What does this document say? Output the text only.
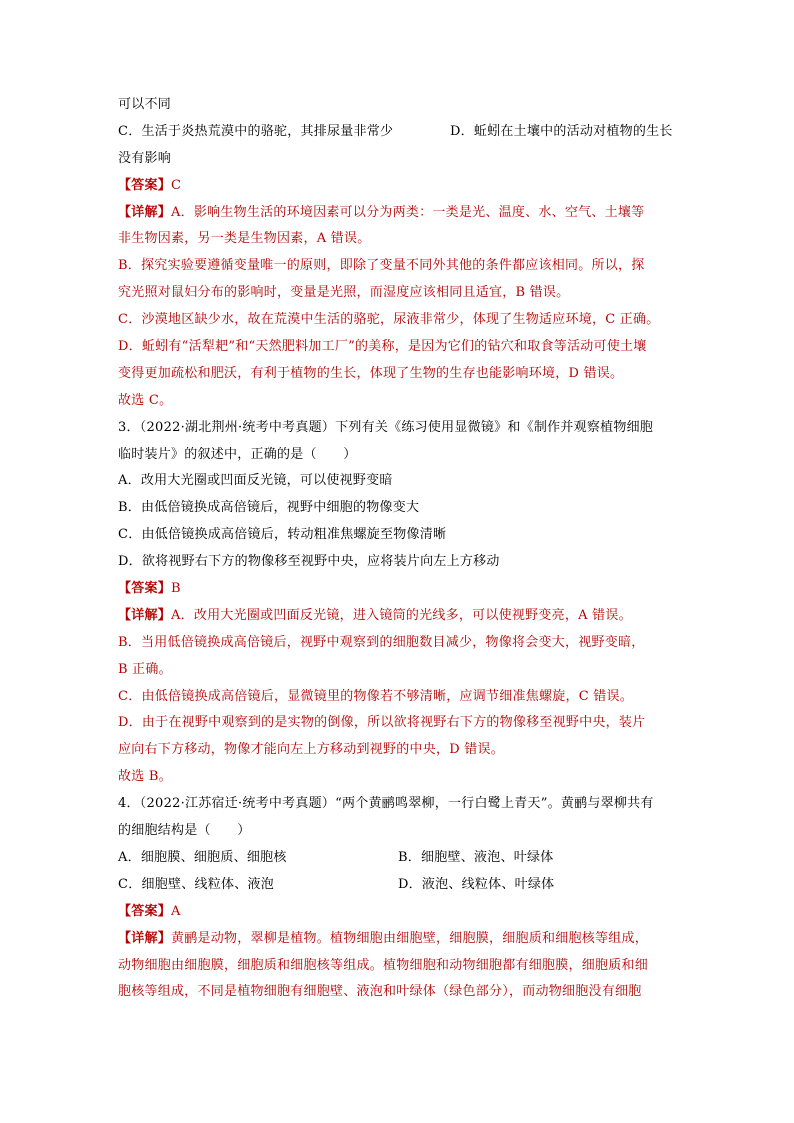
可以不同
C．生活于炎热荒漠中的骆驼，其排尿量非常少	D．蚯蚓在土壤中的活动对植物的生长
没有影响
【答案】C
【详解】A．影响生物生活的环境因素可以分为两类：一类是光、温度、水、空气、土壤等
非生物因素，另一类是生物因素，A 错误。
B．探究实验要遵循变量唯一的原则，即除了变量不同外其他的条件都应该相同。所以，探
究光照对鼠妇分布的影响时，变量是光照，而湿度应该相同且适宜，B 错误。
C．沙漠地区缺少水，故在荒漠中生活的骆驼，尿液非常少，体现了生物适应环境，C 正确。
D．蚯蚓有“活犁耙”和“天然肥料加工厂”的美称，是因为它们的钻穴和取食等活动可使土壤
变得更加疏松和肥沃，有利于植物的生长，体现了生物的生存也能影响环境，D 错误。
故选 C。
3．（2022·湖北荆州·统考中考真题）下列有关《练习使用显微镜》和《制作并观察植物细胞
临时装片》的叙述中，正确的是（　　）
A．改用大光圈或凹面反光镜，可以使视野变暗
B．由低倍镜换成高倍镜后，视野中细胞的物像变大
C．由低倍镜换成高倍镜后，转动粗准焦螺旋至物像清晰
D．欲将视野右下方的物像移至视野中央，应将装片向左上方移动
【答案】B
【详解】A．改用大光圈或凹面反光镜，进入镜筒的光线多，可以使视野变亮，A 错误。
B．当用低倍镜换成高倍镜后，视野中观察到的细胞数目减少，物像将会变大，视野变暗，
B 正确。
C．由低倍镜换成高倍镜后，显微镜里的物像若不够清晰，应调节细准焦螺旋，C 错误。
D．由于在视野中观察到的是实物的倒像，所以欲将视野右下方的物像移至视野中央，装片
应向右下方移动，物像才能向左上方移动到视野的中央，D 错误。
故选 B。
4．（2022·江苏宿迁·统考中考真题）“两个黄鹂鸣翠柳，一行白鹭上青天”。黄鹂与翠柳共有
的细胞结构是（　　）
A．细胞膜、细胞质、细胞核	B．细胞壁、液泡、叶绿体
C．细胞壁、线粒体、液泡	D．液泡、线粒体、叶绿体
【答案】A
【详解】黄鹂是动物，翠柳是植物。植物细胞由细胞壁，细胞膜，细胞质和细胞核等组成，
动物细胞由细胞膜，细胞质和细胞核等组成。植物细胞和动物细胞都有细胞膜，细胞质和细
胞核等组成，不同是植物细胞有细胞壁、液泡和叶绿体（绿色部分），而动物细胞没有细胞
